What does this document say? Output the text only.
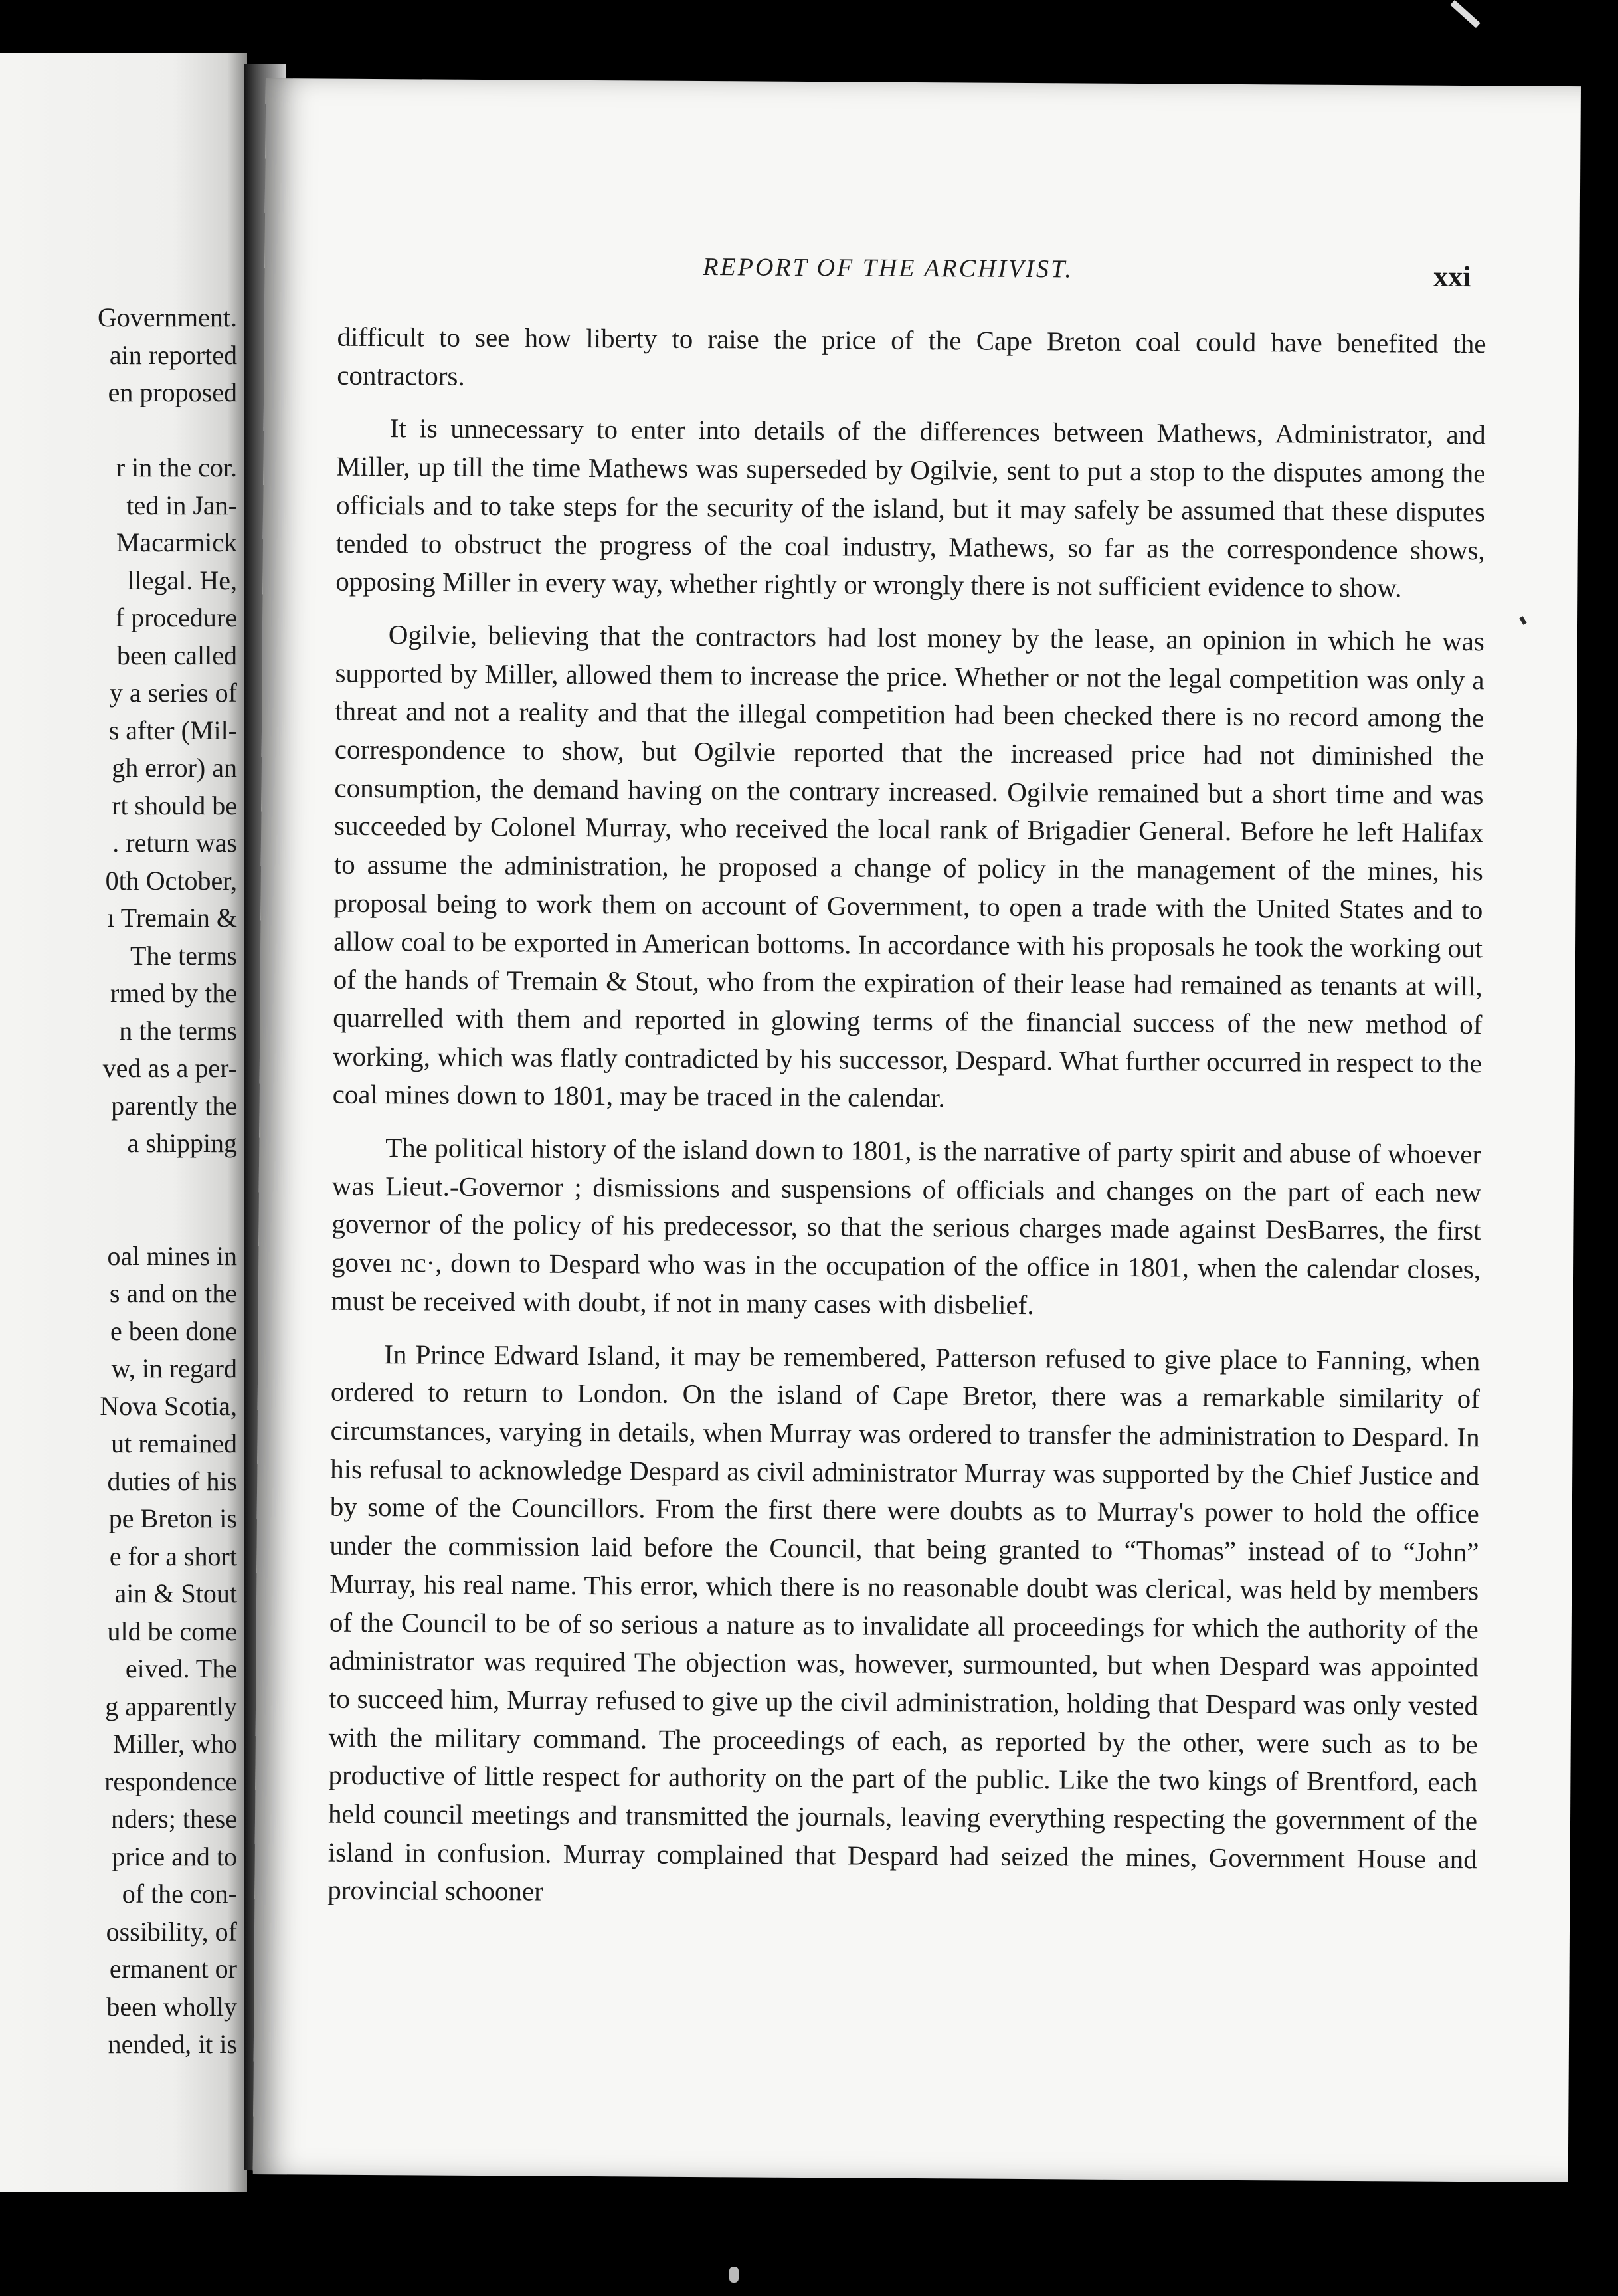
Government.
ain reported
en proposed
r in the cor.
ted in Jan-
Macarmick
llegal. He,
f procedure
been called
y a series of
s after (Mil-
gh error) an
rt should be
. return was
0th October,
ı Tremain &
The terms
rmed by the
n the terms
ved as a per-
parently the
a shipping
oal mines in
s and on the
e been done
w, in regard
Nova Scotia,
ut remained
duties of his
pe Breton is
e for a short
ain & Stout
uld be come
eived. The
g apparently
Miller, who
respondence
nders; these
price and to
of the con-
ossibility, of
ermanent or
been wholly
nended, it is
REPORT OF THE ARCHIVIST.	xxi

difficult to see how liberty to raise the price of the Cape Breton coal could have benefited the contractors.

It is unnecessary to enter into details of the differences between Mathews, Administrator, and Miller, up till the time Mathews was superseded by Ogilvie, sent to put a stop to the disputes among the officials and to take steps for the security of the island, but it may safely be assumed that these disputes tended to obstruct the progress of the coal industry, Mathews, so far as the correspondence shows, opposing Miller in every way, whether rightly or wrongly there is not sufficient evidence to show.

Ogilvie, believing that the contractors had lost money by the lease, an opinion in which he was supported by Miller, allowed them to increase the price. Whether or not the legal competition was only a threat and not a reality and that the illegal competition had been checked there is no record among the correspondence to show, but Ogilvie reported that the increased price had not diminished the consumption, the demand having on the contrary increased. Ogilvie remained but a short time and was succeeded by Colonel Murray, who received the local rank of Brigadier General. Before he left Halifax to assume the administration, he proposed a change of policy in the management of the mines, his proposal being to work them on account of Government, to open a trade with the United States and to allow coal to be exported in American bottoms. In accordance with his proposals he took the working out of the hands of Tremain & Stout, who from the expiration of their lease had remained as tenants at will, quarrelled with them and reported in glowing terms of the financial success of the new method of working, which was flatly contradicted by his successor, Despard. What further occurred in respect to the coal mines down to 1801, may be traced in the calendar.

The political history of the island down to 1801, is the narrative of party spirit and abuse of whoever was Lieut.-Governor ; dismissions and suspensions of officials and changes on the part of each new governor of the policy of his predecessor, so that the serious charges made against DesBarres, the first goveı nc·, down to Despard who was in the occupation of the office in 1801, when the calendar closes, must be received with doubt, if not in many cases with disbelief.

In Prince Edward Island, it may be remembered, Patterson refused to give place to Fanning, when ordered to return to London. On the island of Cape Bretor, there was a remarkable similarity of circumstances, varying in details, when Murray was ordered to transfer the administration to Despard. In his refusal to acknowledge Despard as civil administrator Murray was supported by the Chief Justice and by some of the Councillors. From the first there were doubts as to Murray's power to hold the office under the commission laid before the Council, that being granted to “Thomas” instead of to “John” Murray, his real name. This error, which there is no reasonable doubt was clerical, was held by members of the Council to be of so serious a nature as to invalidate all proceedings for which the authority of the administrator was required The objection was, however, surmounted, but when Despard was appointed to succeed him, Murray refused to give up the civil administration, holding that Despard was only vested with the military command. The proceedings of each, as reported by the other, were such as to be productive of little respect for authority on the part of the public. Like the two kings of Brentford, each held council meetings and transmitted the journals, leaving everything respecting the government of the island in confusion. Murray complained that Despard had seized the mines, Government House and provincial schooner
